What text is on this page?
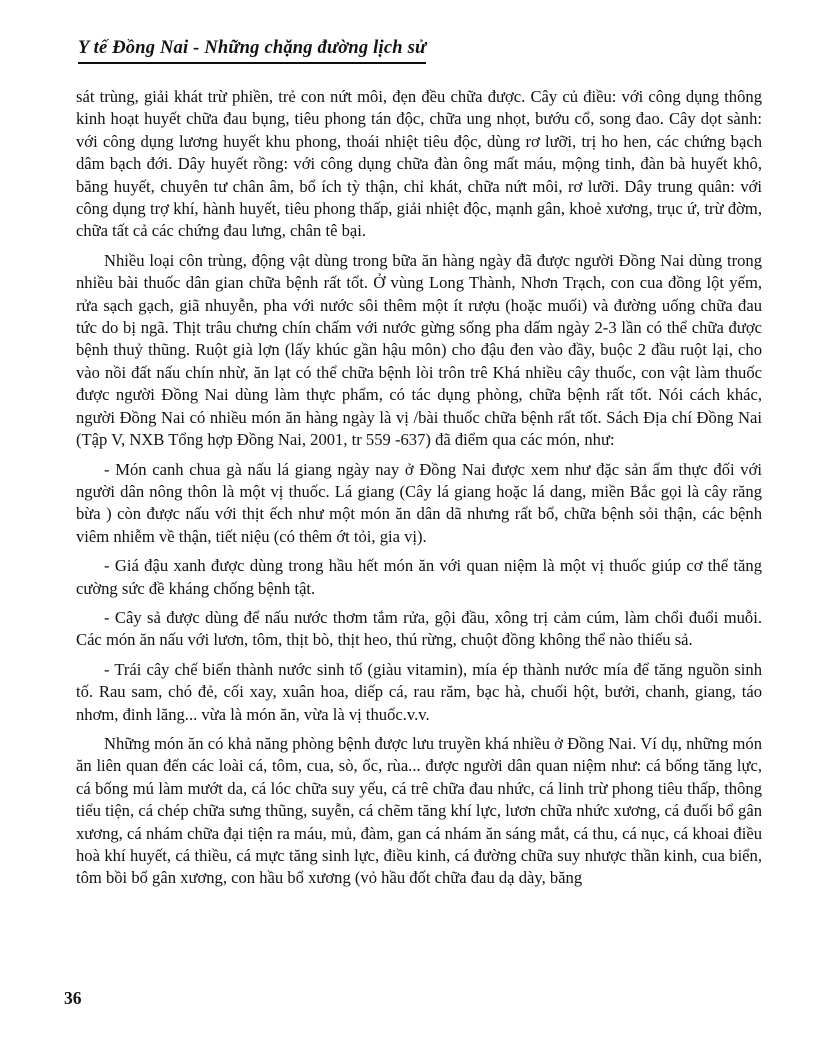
Y tế Đồng Nai - Những chặng đường lịch sử

sát trùng, giải khát trừ phiền, trẻ con nứt môi, đẹn đều chữa được. Cây củ điều: với công dụng thông kinh hoạt huyết chữa đau bụng, tiêu phong tán độc, chữa ung nhọt, bướu cổ, song đao. Cây dọt sành: với công dụng lương huyết khu phong, thoái nhiệt tiêu độc, dùng rơ lưỡi, trị ho hen, các chứng bạch dâm bạch đới. Dây huyết rồng: với công dụng chữa đàn ông mất máu, mộng tinh, đàn bà huyết khô, băng huyết, chuyên tư chân âm, bổ ích tỳ thận, chỉ khát, chữa nứt môi, rơ lưỡi. Dây trung quân: với công dụng trợ khí, hành huyết, tiêu phong thấp, giải nhiệt độc, mạnh gân, khoẻ xương, trục ứ, trừ đờm, chữa tất cả các chứng đau lưng, chân tê bại.

Nhiều loại côn trùng, động vật dùng trong bữa ăn hàng ngày đã được người Đồng Nai dùng trong nhiều bài thuốc dân gian chữa bệnh rất tốt. Ở vùng Long Thành, Nhơn Trạch, con cua đồng lột yếm, rửa sạch gạch, giã nhuyễn, pha với nước sôi thêm một ít rượu (hoặc muối) và đường uống chữa đau tức do bị ngã. Thịt trâu chưng chín chấm với nước gừng sống pha dấm ngày 2-3 lần có thể chữa được bệnh thuỷ thũng. Ruột già lợn (lấy khúc gần hậu môn) cho đậu đen vào đầy, buộc 2 đầu ruột lại, cho vào nồi đất nấu chín nhừ, ăn lạt có thể chữa bệnh lòi trôn trê Khá nhiều cây thuốc, con vật làm thuốc được người Đồng Nai dùng làm thực phẩm, có tác dụng phòng, chữa bệnh rất tốt. Nói cách khác, người Đồng Nai có nhiều món ăn hàng ngày là vị /bài thuốc chữa bệnh rất tốt. Sách Địa chí Đồng Nai (Tập V, NXB Tổng hợp Đồng Nai, 2001, tr 559 -637) đã điểm qua các món, như:

- Món canh chua gà nấu lá giang ngày nay ở Đồng Nai được xem như đặc sản ẩm thực đối với người dân nông thôn là một vị thuốc. Lá giang (Cây lá giang hoặc lá dang, miền Bắc gọi là cây răng bừa ) còn được nấu với thịt ếch như một món ăn dân dã nhưng rất bổ, chữa bệnh sỏi thận, các bệnh viêm nhiễm về thận, tiết niệu (có thêm ớt tỏi, gia vị).

- Giá đậu xanh được dùng trong hầu hết món ăn với quan niệm là một vị thuốc giúp cơ thể tăng cường sức đề kháng chống bệnh tật.

- Cây sả được dùng để nấu nước thơm tắm rửa, gội đầu, xông trị cảm cúm, làm chổi đuổi muỗi. Các món ăn nấu với lươn, tôm, thịt bò, thịt heo, thú rừng, chuột đồng không thể nào thiếu sả.

- Trái cây chế biến thành nước sinh tố (giàu vitamin), mía ép thành nước mía để tăng nguồn sinh tố. Rau sam, chó đẻ, cối xay, xuân hoa, diếp cá, rau răm, bạc hà, chuối hột, bưởi, chanh, giang, táo nhơm, đinh lăng... vừa là món ăn, vừa là vị thuốc.v.v.

Những món ăn có khả năng phòng bệnh được lưu truyền khá nhiều ở Đồng Nai. Ví dụ, những món ăn liên quan đến các loài cá, tôm, cua, sò, ốc, rùa... được người dân quan niệm như: cá bống tăng lực, cá bống mú làm mướt da, cá lóc chữa suy yếu, cá trê chữa đau nhức, cá linh trừ phong tiêu thấp, thông tiểu tiện, cá chép chữa sưng thũng, suyễn, cá chẽm tăng khí lực, lươn chữa nhức xương, cá đuối bổ gân xương, cá nhám chữa đại tiện ra máu, mủ, đàm, gan cá nhám ăn sáng mắt, cá thu, cá nục, cá khoai điều hoà khí huyết, cá thiều, cá mực tăng sinh lực, điều kinh, cá đường chữa suy nhược thần kinh, cua biển, tôm bồi bổ gân xương, con hầu bổ xương (vỏ hầu đốt chữa đau dạ dày, băng

36
